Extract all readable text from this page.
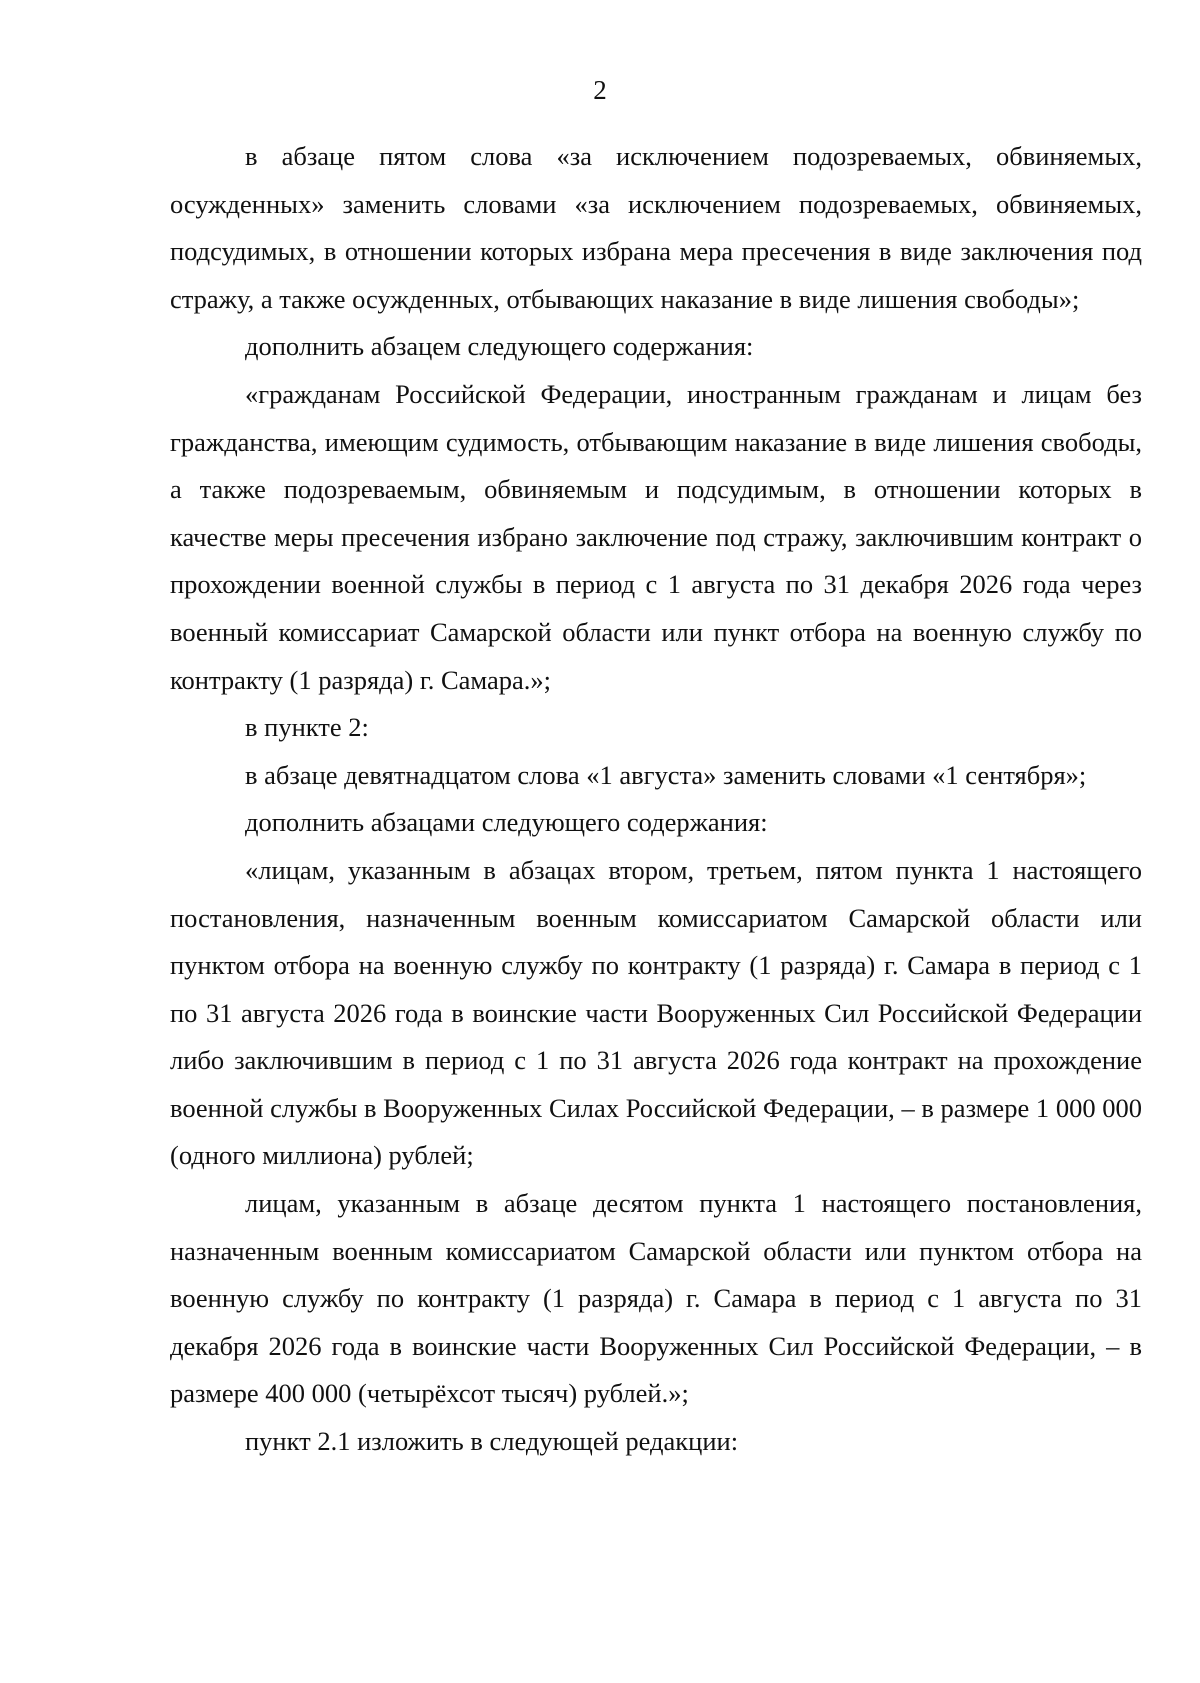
2

в абзаце пятом слова «за исключением подозреваемых, обвиняемых, осужденных» заменить словами «за исключением подозреваемых, обвиняемых, подсудимых, в отношении которых избрана мера пресечения в виде заключения под стражу, а также осужденных, отбывающих наказание в виде лишения свободы»;

дополнить абзацем следующего содержания:

«гражданам Российской Федерации, иностранным гражданам и лицам без гражданства, имеющим судимость, отбывающим наказание в виде лишения свободы, а также подозреваемым, обвиняемым и подсудимым, в отношении которых в качестве меры пресечения избрано заключение под стражу, заключившим контракт о прохождении военной службы в период с 1 августа по 31 декабря 2026 года через военный комиссариат Самарской области или пункт отбора на военную службу по контракту (1 разряда) г. Самара.»;

в пункте 2:

в абзаце девятнадцатом слова «1 августа» заменить словами «1 сентября»;

дополнить абзацами следующего содержания:

«лицам, указанным в абзацах втором, третьем, пятом пункта 1 настоящего постановления, назначенным военным комиссариатом Самарской области или пунктом отбора на военную службу по контракту (1 разряда) г. Самара в период с 1 по 31 августа 2026 года в воинские части Вооруженных Сил Российской Федерации либо заключившим в период с 1 по 31 августа 2026 года контракт на прохождение военной службы в Вооруженных Силах Российской Федерации, – в размере 1 000 000 (одного миллиона) рублей;

лицам, указанным в абзаце десятом пункта 1 настоящего постановления, назначенным военным комиссариатом Самарской области или пунктом отбора на военную службу по контракту (1 разряда) г. Самара в период с 1 августа по 31 декабря 2026 года в воинские части Вооруженных Сил Российской Федерации, – в размере 400 000 (четырёхсот тысяч) рублей.»;

пункт 2.1 изложить в следующей редакции:
